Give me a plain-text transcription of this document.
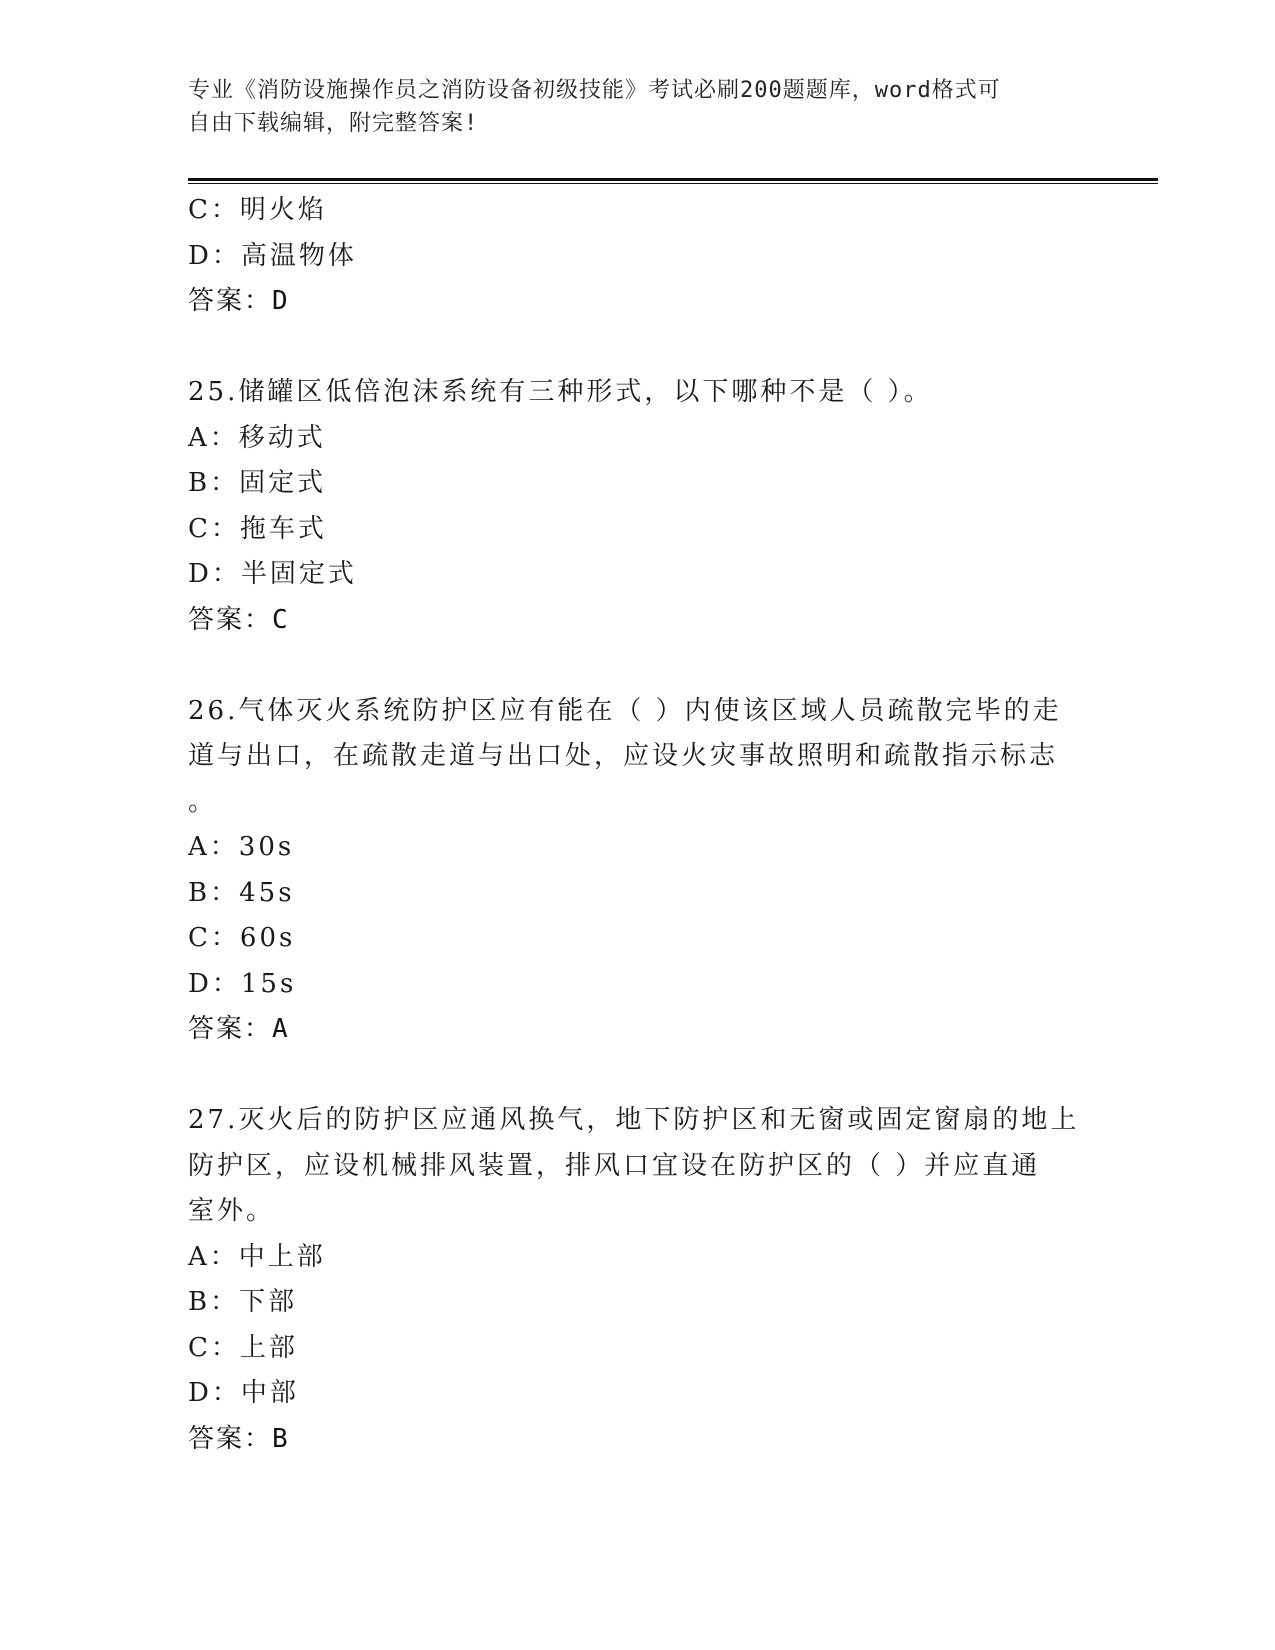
专业《消防设施操作员之消防设备初级技能》考试必刷200题题库，word格式可
自由下载编辑，附完整答案!
C：明火焰
D：高温物体
答案：D
25.储罐区低倍泡沫系统有三种形式，以下哪种不是（ ）。
A：移动式
B：固定式
C：拖车式
D：半固定式
答案：C
26.气体灭火系统防护区应有能在（ ）内使该区域人员疏散完毕的走
道与出口，在疏散走道与出口处，应设火灾事故照明和疏散指示标志
。
A：30s
B：45s
C：60s
D：15s
答案：A
27.灭火后的防护区应通风换气，地下防护区和无窗或固定窗扇的地上
防护区，应设机械排风装置，排风口宜设在防护区的（ ）并应直通
室外。
A：中上部
B：下部
C：上部
D：中部
答案：B
